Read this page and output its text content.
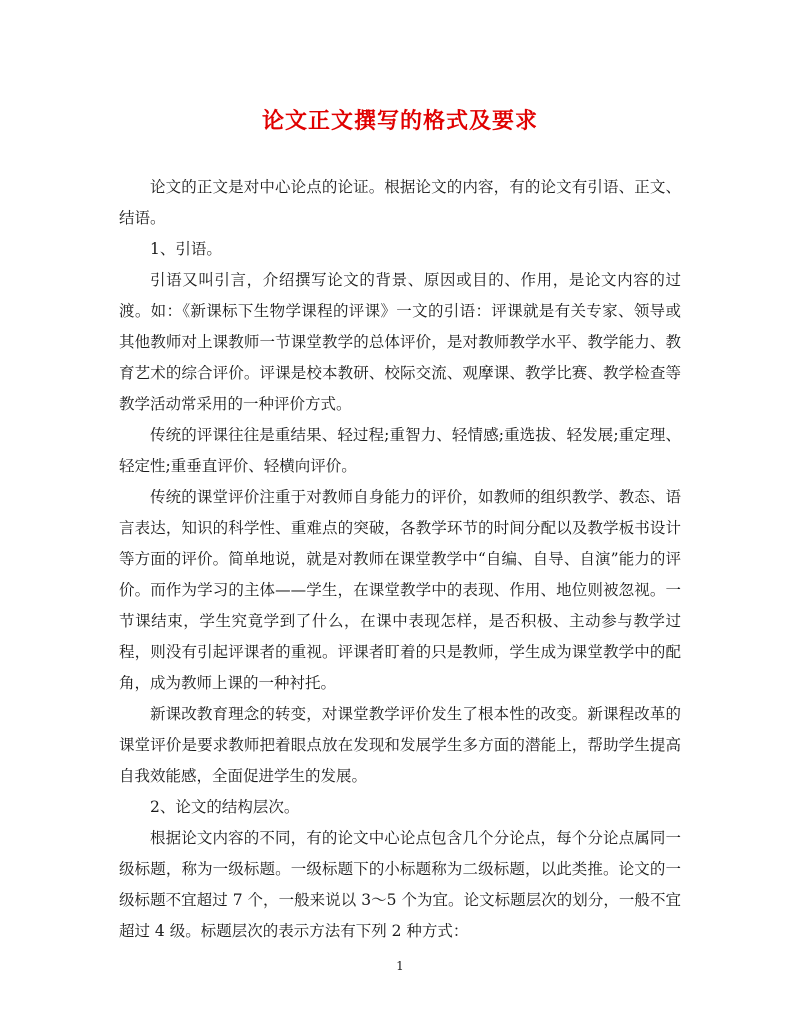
论文正文撰写的格式及要求

论文的正文是对中心论点的论证。根据论文的内容，有的论文有引语、正文、结语。

1、引语。

引语又叫引言，介绍撰写论文的背景、原因或目的、作用，是论文内容的过渡。如：《新课标下生物学课程的评课》一文的引语：评课就是有关专家、领导或其他教师对上课教师一节课堂教学的总体评价，是对教师教学水平、教学能力、教育艺术的综合评价。评课是校本教研、校际交流、观摩课、教学比赛、教学检查等教学活动常采用的一种评价方式。

传统的评课往往是重结果、轻过程;重智力、轻情感;重选拔、轻发展;重定理、轻定性;重垂直评价、轻横向评价。

传统的课堂评价注重于对教师自身能力的评价，如教师的组织教学、教态、语言表达，知识的科学性、重难点的突破，各教学环节的时间分配以及教学板书设计等方面的评价。简单地说，就是对教师在课堂教学中“自编、自导、自演”能力的评价。而作为学习的主体——学生，在课堂教学中的表现、作用、地位则被忽视。一节课结束，学生究竟学到了什么，在课中表现怎样，是否积极、主动参与教学过程，则没有引起评课者的重视。评课者盯着的只是教师，学生成为课堂教学中的配角，成为教师上课的一种衬托。

新课改教育理念的转变，对课堂教学评价发生了根本性的改变。新课程改革的课堂评价是要求教师把着眼点放在发现和发展学生多方面的潜能上，帮助学生提高自我效能感，全面促进学生的发展。

2、论文的结构层次。

根据论文内容的不同，有的论文中心论点包含几个分论点，每个分论点属同一级标题，称为一级标题。一级标题下的小标题称为二级标题，以此类推。论文的一级标题不宜超过 7 个，一般来说以 3～5 个为宜。论文标题层次的划分，一般不宜超过 4 级。标题层次的表示方法有下列 2 种方式：

1
